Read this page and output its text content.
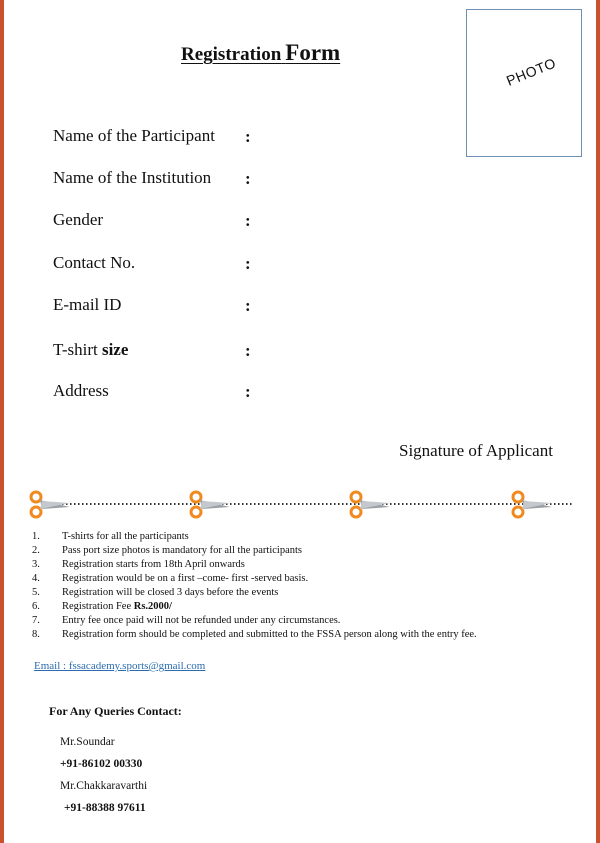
Registration Form
PHOTO
Name of the Participant :
Name of the Institution :
Gender	:
Contact No.	:
E-mail ID	:
T-shirt size	:
Address	:
Signature of Applicant
1. T-shirts for all the participants
2. Pass port size photos is mandatory for all the participants
3. Registration starts from 18th April onwards
4. Registration would be on a first –come- first -served basis.
5. Registration will be closed 3 days before the events
6. Registration Fee Rs.2000/
7. Entry fee once paid will not be refunded under any circumstances.
8. Registration form should be completed and submitted to the FSSA person along with the entry fee.
Email : fssacademy.sports@gmail.com
For Any Queries Contact:
Mr.Soundar
+91-86102 00330
Mr.Chakkaravarthi
+91-88388 97611
